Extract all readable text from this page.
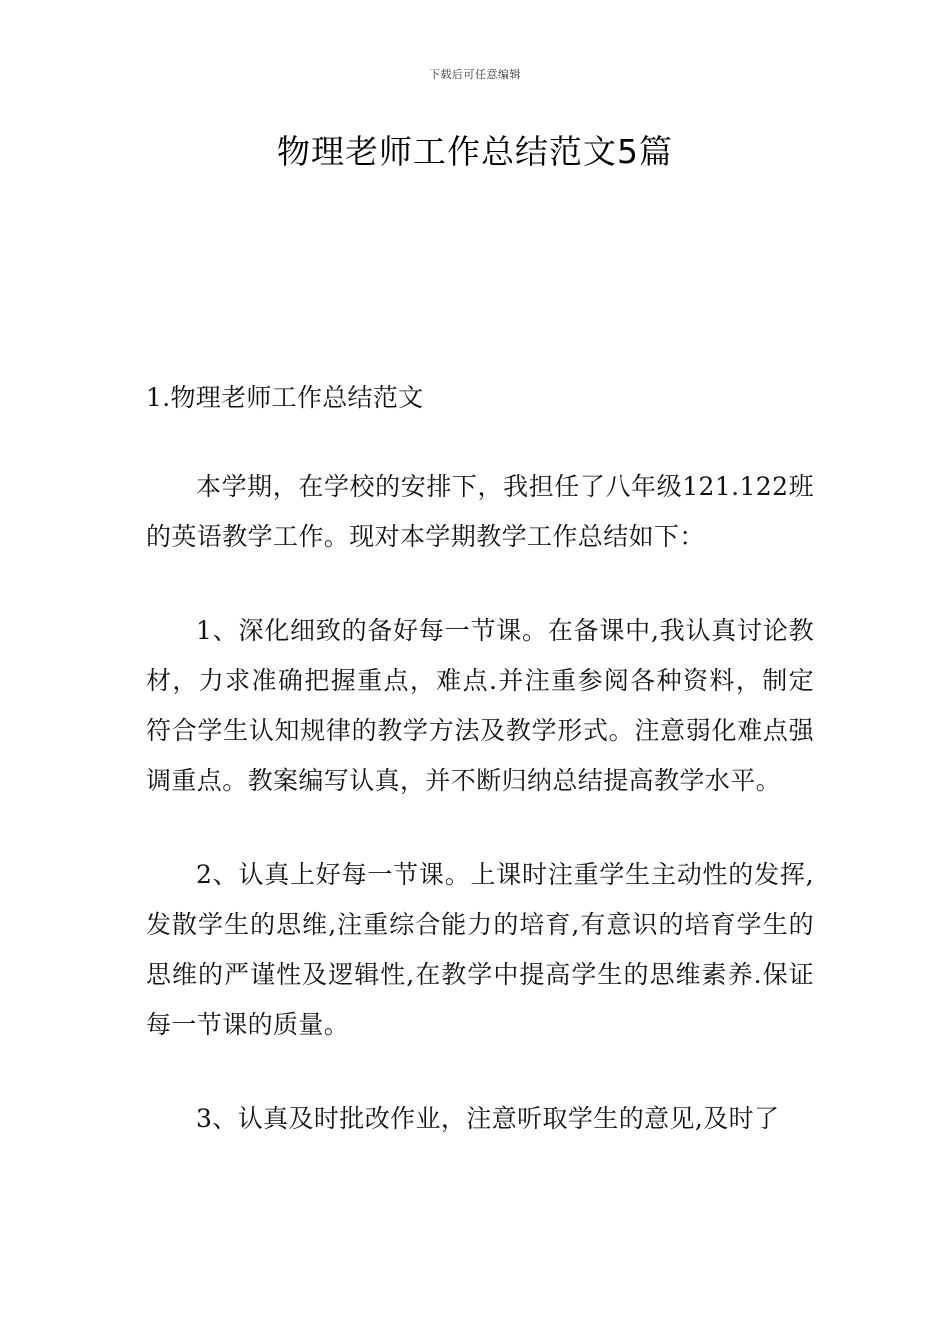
下载后可任意编辑
物理老师工作总结范文5篇

1.物理老师工作总结范文

本学期，在学校的安排下，我担任了八年级121.122班的英语教学工作。现对本学期教学工作总结如下：

1、深化细致的备好每一节课。在备课中,我认真讨论教材，力求准确把握重点，难点.并注重参阅各种资料，制定符合学生认知规律的教学方法及教学形式。注意弱化难点强调重点。教案编写认真，并不断归纳总结提高教学水平。

2、认真上好每一节课。上课时注重学生主动性的发挥,发散学生的思维,注重综合能力的培育,有意识的培育学生的思维的严谨性及逻辑性,在教学中提高学生的思维素养.保证每一节课的质量。

3、认真及时批改作业，注意听取学生的意见,及时了
